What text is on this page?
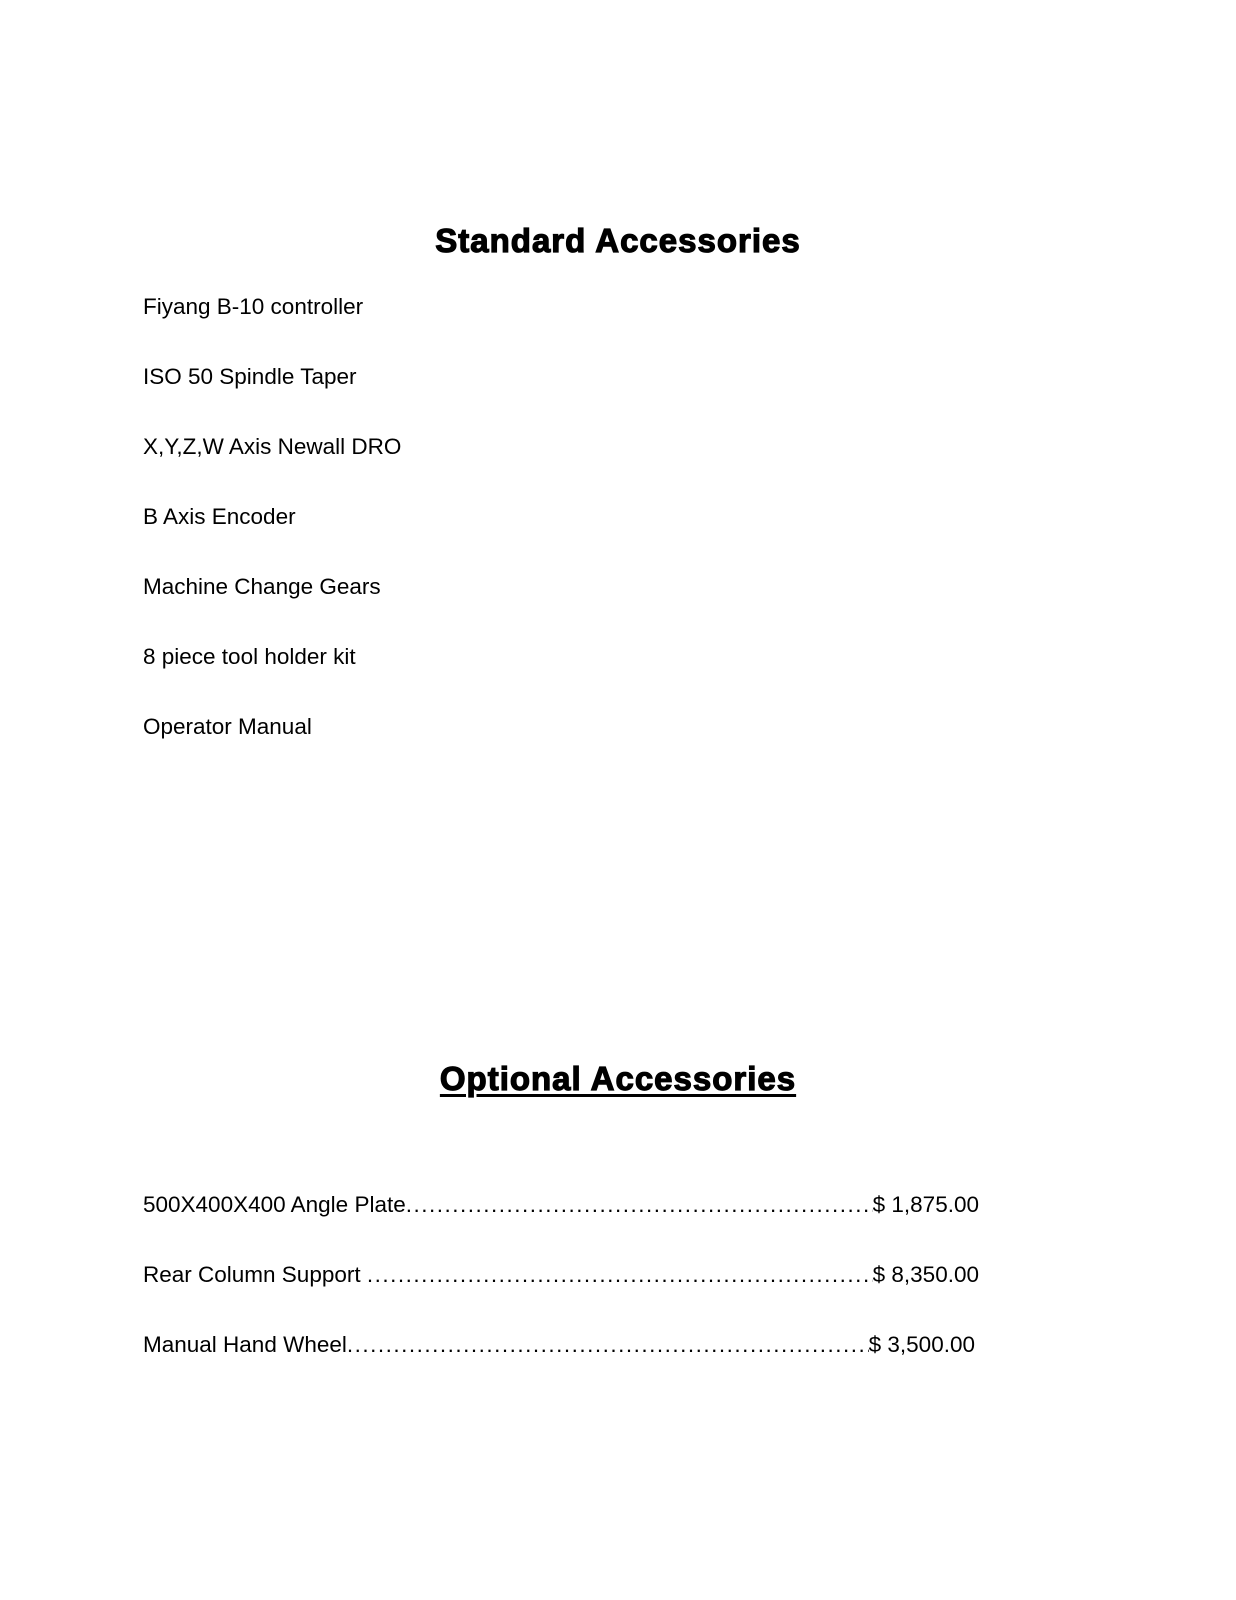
Standard Accessories
Fiyang B-10 controller
ISO 50 Spindle Taper
X,Y,Z,W Axis Newall DRO
B Axis Encoder
Machine Change Gears
8 piece tool holder kit
Operator Manual
Optional Accessories
500X400X400 Angle Plate .....	$ 1,875.00
Rear Column Support .....	$ 8,350.00
Manual Hand Wheel .....	$ 3,500.00
